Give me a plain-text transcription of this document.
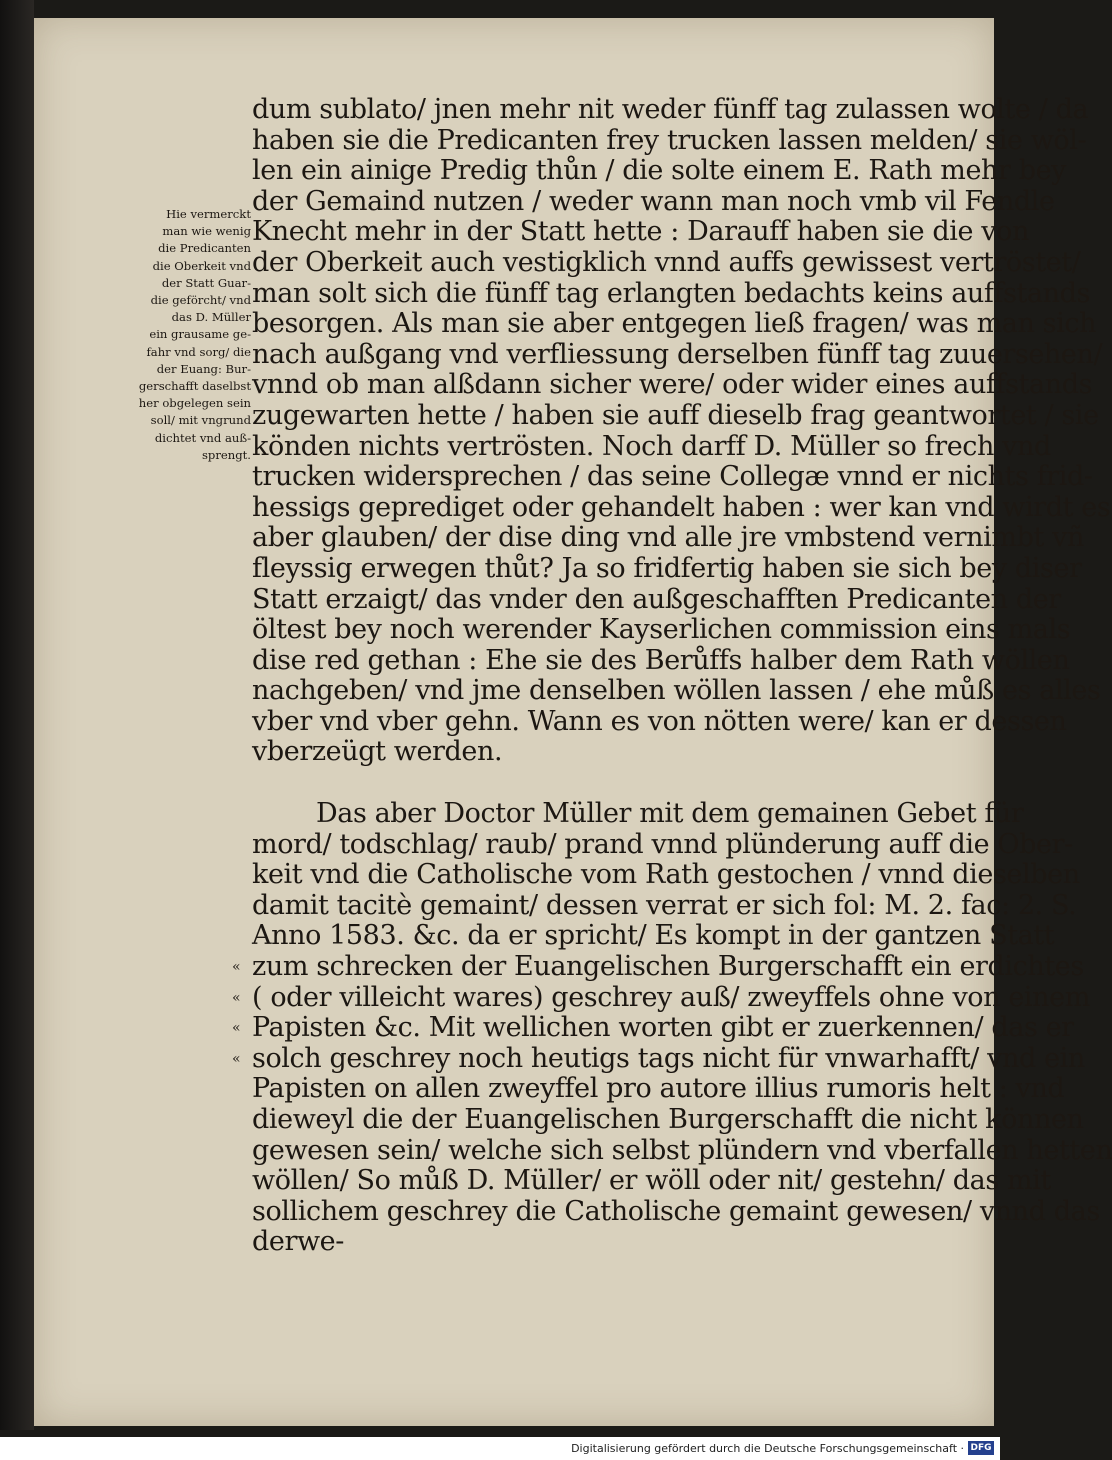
Hie vermerckt
man wie wenig
die Predicanten
die Oberkeit vnd
der Statt Guar-
die geförcht/ vnd
das D. Müller
ein grausame ge-
fahr vnd sorg/ die
der Euang: Bur-
gerschafft daselbst
her obgelegen sein
soll/ mit vngrund
dichtet vnd auß-
sprengt.
«
«
«
«
dum sublato/ jnen mehr nit weder fünff tag zulassen wolte / da
haben sie die Predicanten frey trucken lassen melden/ sie wöl-
len ein ainige Predig thůn / die solte einem E. Rath mehr bey
der Gemaind nutzen / weder wann man noch vmb vil Fendle
Knecht mehr in der Statt hette : Darauff haben sie die von
der Oberkeit auch vestigklich vnnd auffs gewissest vertröstet/
man solt sich die fünff tag erlangten bedachts keins auffstands
besorgen. Als man sie aber entgegen ließ fragen/ was man sich
nach außgang vnd verfliessung derselben fünff tag zuuersehen/
vnnd ob man alßdann sicher were/ oder wider eines auffstands
zugewarten hette / haben sie auff dieselb frag geantwortet / sie
könden nichts vertrösten. Noch darff D. Müller so frech vnd
trucken widersprechen / das seine Collegæ vnnd er nichts frid-
hessigs geprediget oder gehandelt haben : wer kan vnd wirdt es
aber glauben/ der dise ding vnd alle jre vmbstend vernimbt vñ
fleyssig erwegen thůt? Ja so fridfertig haben sie sich bey diser
Statt erzaigt/ das vnder den außgeschafften Predicanten der
öltest bey noch werender Kayserlichen commission eins mals
dise red gethan : Ehe sie des Berůffs halber dem Rath wöllen
nachgeben/ vnd jme denselben wöllen lassen / ehe můß es alles
vber vnd vber gehn. Wann es von nötten were/ kan er dessen
vberzeügt werden.
Das aber Doctor Müller mit dem gemainen Gebet für
mord/ todschlag/ raub/ prand vnnd plünderung auff die Ober-
keit vnd die Catholische vom Rath gestochen / vnnd dieselben
damit tacitè gemaint/ dessen verrat er sich fol: M. 2. fac: 2. S.
Anno 1583. &c. da er spricht/ Es kompt in der gantzen Statt
zum schrecken der Euangelischen Burgerschafft ein erdichtes
( oder villeicht wares) geschrey auß/ zweyffels ohne von einem
Papisten &c. Mit wellichen worten gibt er zuerkennen/ das er
solch geschrey noch heutigs tags nicht für vnwarhafft/ vnd ein
Papisten on allen zweyffel pro autore illius rumoris helt : vnd
dieweyl die der Euangelischen Burgerschafft die nicht können
gewesen sein/ welche sich selbst plündern vnd vberfallen hetten
wöllen/ So můß D. Müller/ er wöll oder nit/ gestehn/ das mit
sollichem geschrey die Catholische gemaint gewesen/ vnnd das
derwe-
Digitalisierung gefördert durch die Deutsche Forschungsgemeinschaft · DFG
